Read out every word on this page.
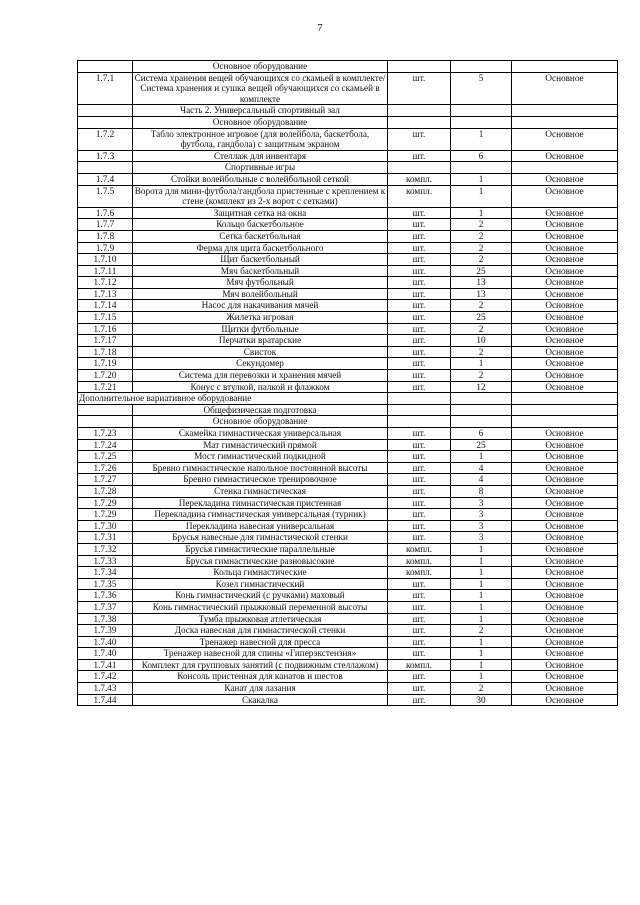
7
	Основное оборудование			
1.7.1	Система хранения вещей обучающихся со скамьей в комплекте/Система хранения и сушка вещей обучающихся со скамьей в комплекте	шт.	5	Основное
	Часть 2. Универсальный спортивный зал			
	Основное оборудование			
1.7.2	Табло электронное игровое (для волейбола, баскетбола, футбола, гандбола) с защитным экраном	шт.	1	Основное
1.7.3	Стеллаж для инвентаря	шт.	6	Основное
	Спортивные игры			
1.7.4	Стойки волейбольные с волейбольной сеткой	компл.	1	Основное
1.7.5	Ворота для мини-футбола/гандбола пристенные с креплением к стене (комплект из 2-х ворот с сетками)	компл.	1	Основное
1.7.6	Защитная сетка на окна	шт.	1	Основное
1.7.7	Кольцо баскетбольное	шт.	2	Основное
1.7.8	Сетка баскетбольная	шт.	2	Основное
1.7.9	Ферма для щита баскетбольного	шт.	2	Основное
1.7.10	Щит баскетбольный	шт.	2	Основное
1.7.11	Мяч баскетбольный	шт.	25	Основное
1.7.12	Мяч футбольный	шт.	13	Основное
1.7.13	Мяч волейбольный	шт.	13	Основное
1.7.14	Насос для накачивания мячей	шт.	2	Основное
1.7.15	Жилетка игровая	шт.	25	Основное
1.7.16	Щитки футбольные	шт.	2	Основное
1.7.17	Перчатки вратарские	шт.	10	Основное
1.7.18	Свисток	шт.	2	Основное
1.7.19	Секундомер	шт.	1	Основное
1.7.20	Система для перевозки и хранения мячей	шт.	2	Основное
1.7.21	Конус с втулкой, палкой и флажком	шт.	12	Основное
Дополнительное вариативное оборудование				
	Общефизическая подготовка			
	Основное оборудование			
1.7.23	Скамейка гимнастическая универсальная	шт.	6	Основное
1.7.24	Мат гимнастический прямой	шт.	25	Основное
1.7.25	Мост гимнастический подкидной	шт.	1	Основное
1.7.26	Бревно гимнастическое напольное постоянной высоты	шт.	4	Основное
1.7.27	Бревно гимнастическое тренировочное	шт.	4	Основное
1.7.28	Стенка гимнастическая	шт.	8	Основное
1.7.29	Перекладина гимнастическая пристенная	шт.	3	Основное
1.7.29	Перекладина гимнастическая универсальная (турник)	шт.	3	Основное
1.7.30	Перекладина навесная универсальная	шт.	3	Основное
1.7.31	Брусья навесные для гимнастической стенки	шт.	3	Основное
1.7.32	Брусья гимнастические параллельные	компл.	1	Основное
1.7.33	Брусья гимнастические разновысокие	компл.	1	Основное
1.7.34	Кольца гимнастические	компл.	1	Основное
1.7.35	Козел гимнастический	шт.	1	Основное
1.7.36	Конь гимнастический (с ручками) маховый	шт.	1	Основное
1.7.37	Конь гимнастический прыжковый переменной высоты	шт.	1	Основное
1.7.38	Тумба прыжковая атлетическая	шт.	1	Основное
1.7.39	Доска навесная для гимнастической стенки	шт.	2	Основное
1.7.40	Тренажер навесной для пресса	шт.	1	Основное
1.7.40	Тренажер навесной для спины «Гиперэкстензия»	шт.	1	Основное
1.7.41	Комплект для групповых занятий (с подвижным стеллажом)	компл.	1	Основное
1.7.42	Консоль пристенная для канатов и шестов	шт.	1	Основное
1.7.43	Канат для лазания	шт.	2	Основное
1.7.44	Скакалка	шт.	30	Основное
